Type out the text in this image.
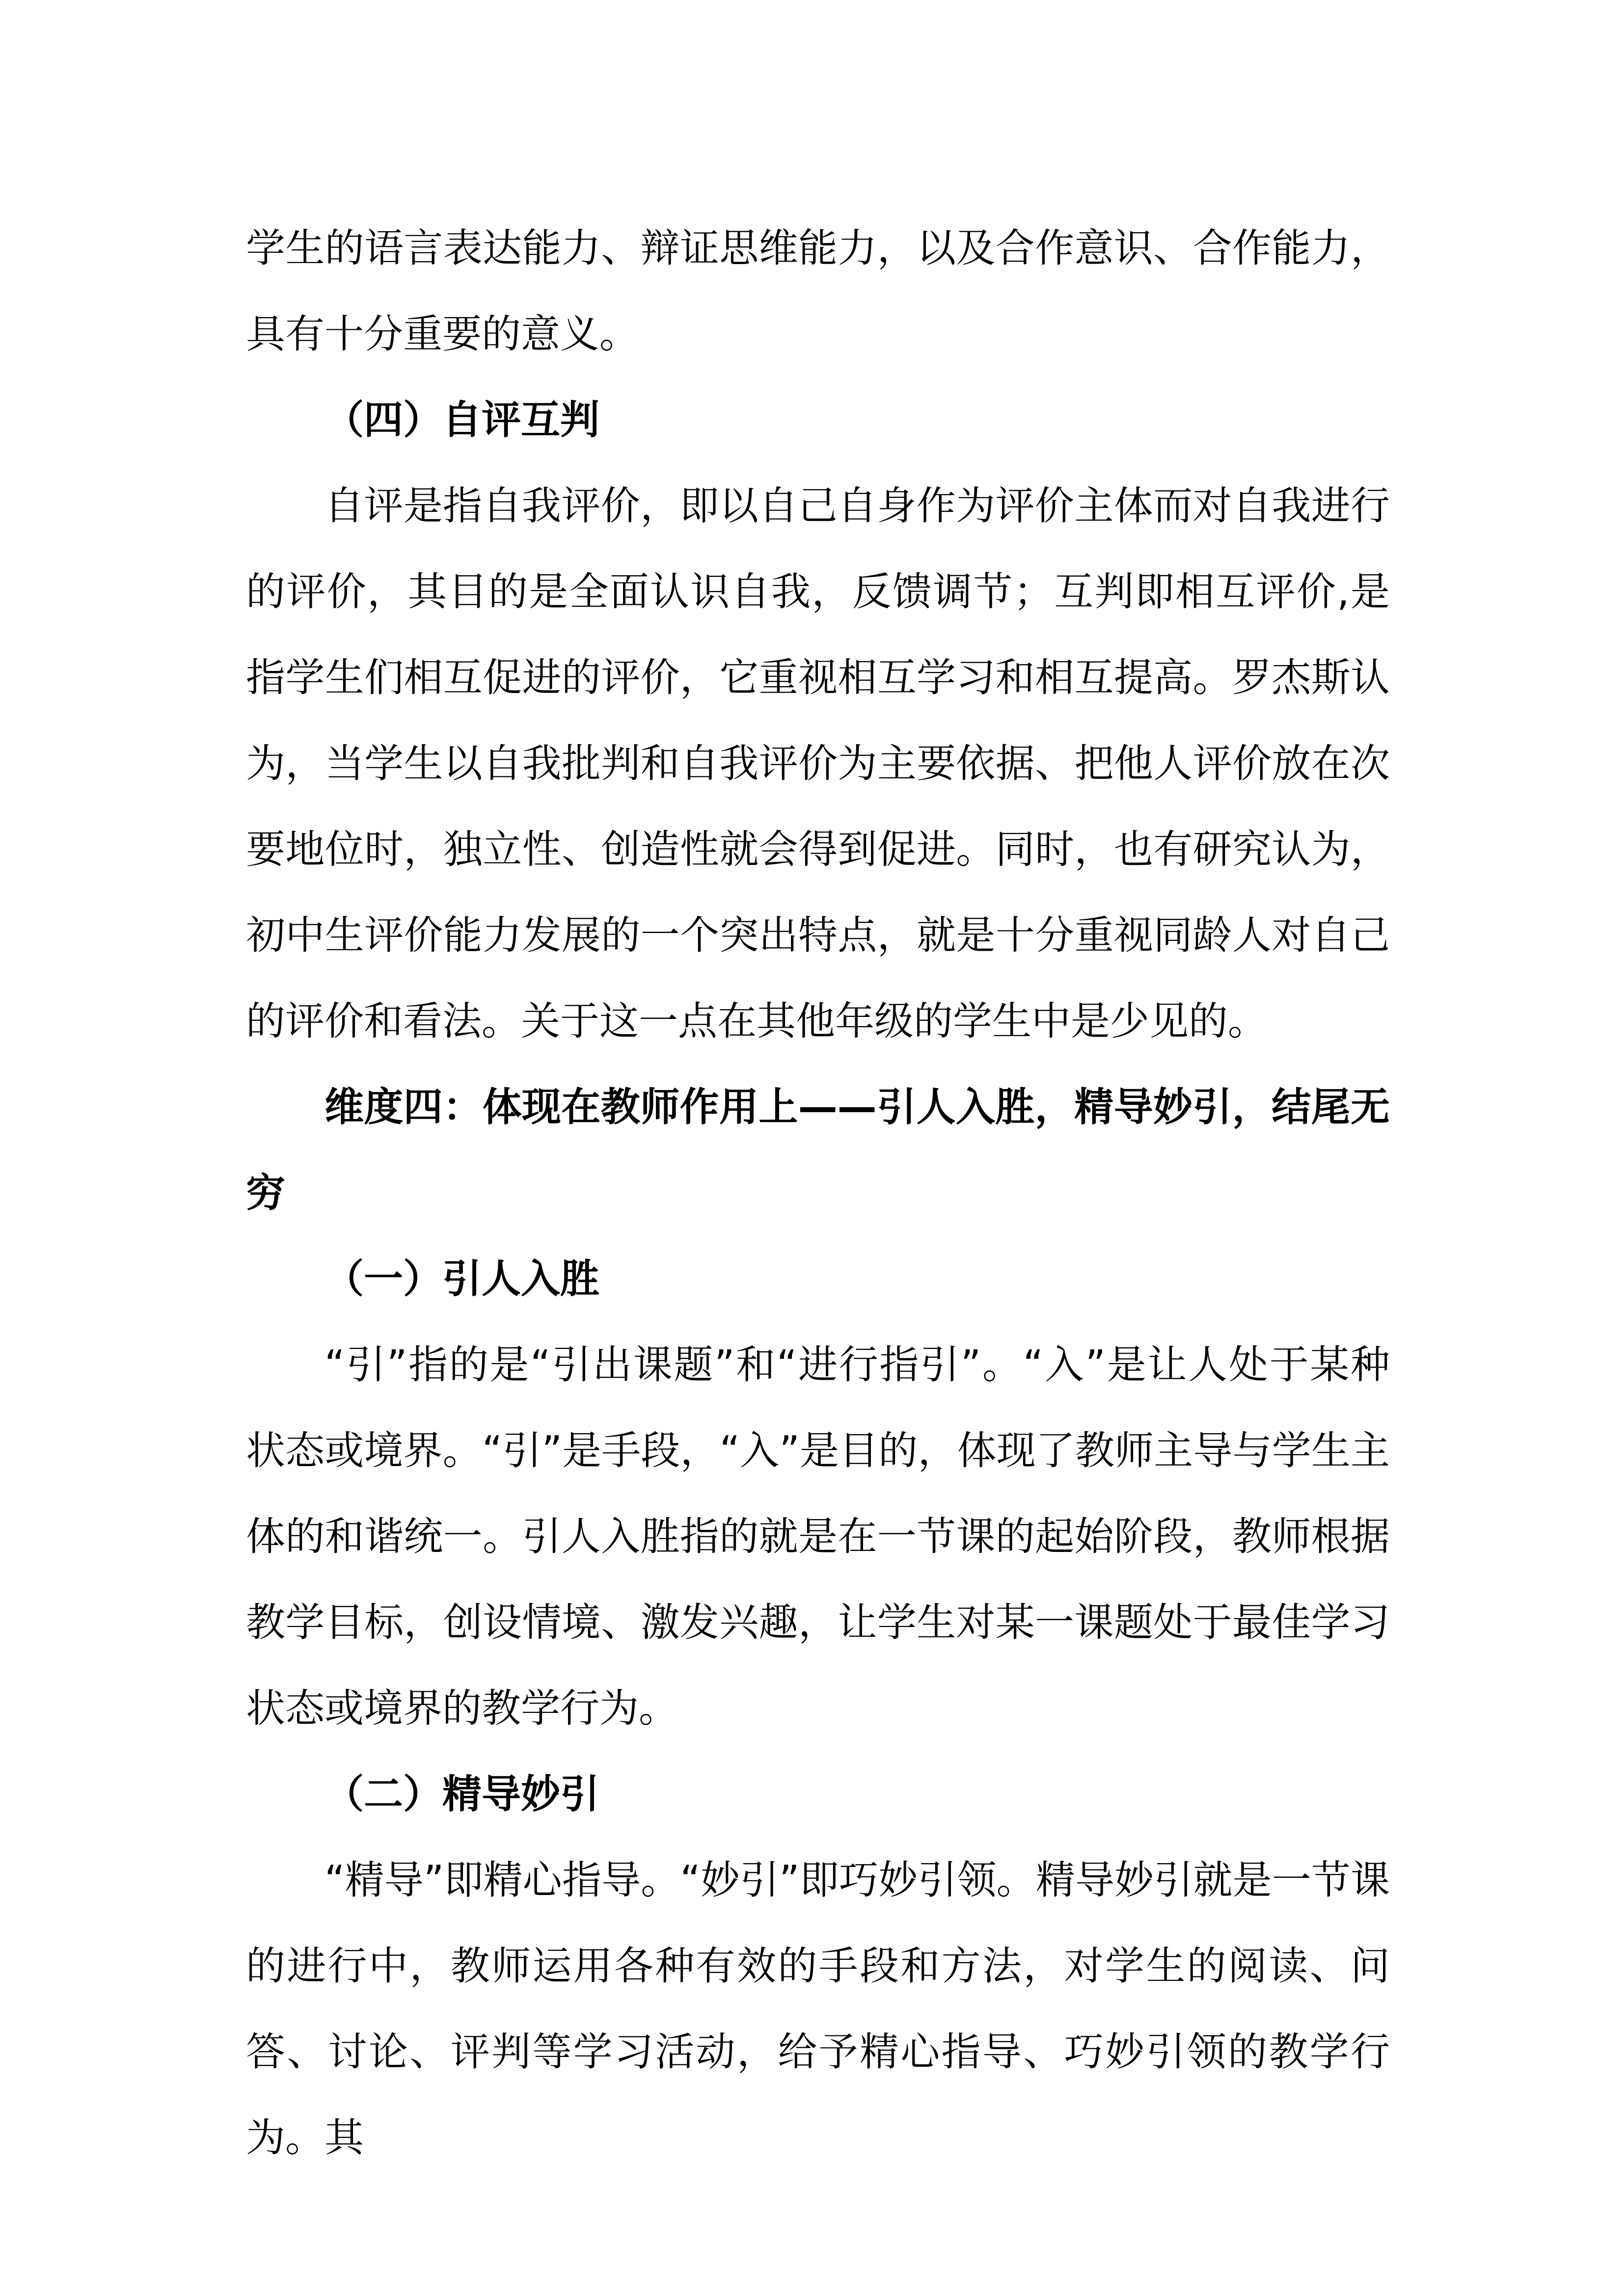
学生的语言表达能力、辩证思维能力，以及合作意识、合作能力，具有十分重要的意义。

（四）自评互判

自评是指自我评价，即以自己自身作为评价主体而对自我进行的评价，其目的是全面认识自我，反馈调节；互判即相互评价,是指学生们相互促进的评价，它重视相互学习和相互提高。罗杰斯认为，当学生以自我批判和自我评价为主要依据、把他人评价放在次要地位时，独立性、创造性就会得到促进。同时，也有研究认为，初中生评价能力发展的一个突出特点，就是十分重视同龄人对自己的评价和看法。关于这一点在其他年级的学生中是少见的。

维度四：体现在教师作用上——引人入胜，精导妙引，结尾无穷
（一）引人入胜

“引”指的是“引出课题”和“进行指引”。“入”是让人处于某种状态或境界。“引”是手段，“入”是目的，体现了教师主导与学生主体的和谐统一。引人入胜指的就是在一节课的起始阶段，教师根据教学目标，创设情境、激发兴趣，让学生对某一课题处于最佳学习状态或境界的教学行为。

（二）精导妙引

“精导”即精心指导。“妙引”即巧妙引领。精导妙引就是一节课的进行中，教师运用各种有效的手段和方法，对学生的阅读、问答、讨论、评判等学习活动，给予精心指导、巧妙引领的教学行为。其
